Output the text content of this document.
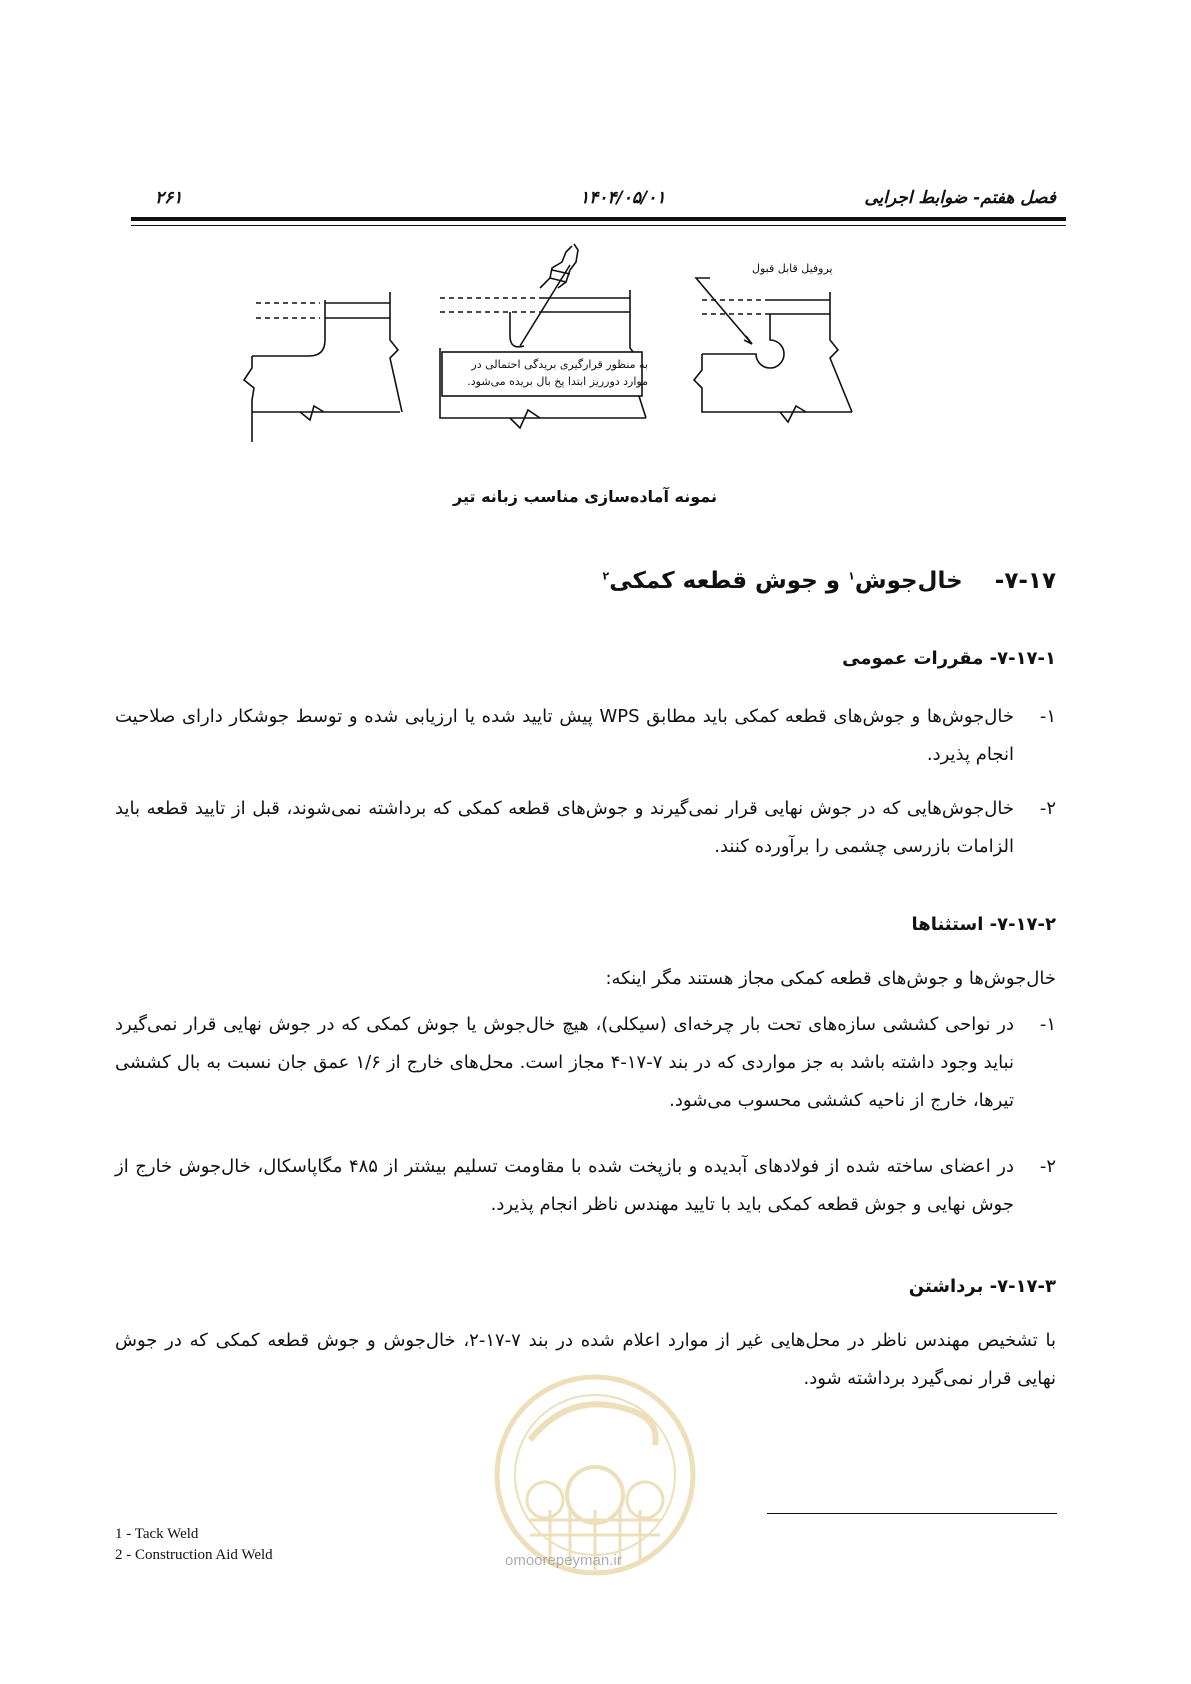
فصل هفتم- ضوابط اجرایی
۱۴۰۴/۰۵/۰۱
۲۶۱
پروفیل قابل قبول
به منظور قرارگیری بریدگی احتمالی در
موارد دورریز ابتدا پخ بال بریده می‌شود.
نمونه آماده‌سازی مناسب زبانه تیر
۷-۱۷-    خال‌جوش$^۱$ و جوش قطعه کمکی$^۲$
۷-۱۷-۱- مقررات عمومی
۱-
خال‌جوش‌ها و جوش‌های قطعه کمکی باید مطابق WPS پیش تایید شده یا ارزیابی شده و توسط جوشکار دارای صلاحیت انجام پذیرد.
۲-
خال‌جوش‌هایی که در جوش نهایی قرار نمی‌گیرند و جوش‌های قطعه کمکی که برداشته نمی‌شوند، قبل از تایید قطعه باید الزامات بازرسی چشمی را برآورده کنند.
۷-۱۷-۲- استثناها
خال‌جوش‌ها و جوش‌های قطعه کمکی مجاز هستند مگر اینکه:
۱-
در نواحی کششی سازه‌های تحت بار چرخه‌ای (سیکلی)، هیچ خال‌جوش یا جوش کمکی که در جوش نهایی قرار نمی‌گیرد نباید وجود داشته باشد به جز مواردی که در بند ۷-۱۷-۴ مجاز است. محل‌های خارج از ۱/۶ عمق جان نسبت به بال کششی تیرها، خارج از ناحیه کششی محسوب می‌شود.
۲-
در اعضای ساخته شده از فولادهای آبدیده و بازپخت شده با مقاومت تسلیم بیشتر از ۴۸۵ مگاپاسکال، خال‌جوش خارج از جوش نهایی و جوش قطعه کمکی باید با تایید مهندس ناظر انجام پذیرد.
۷-۱۷-۳- برداشتن
با تشخیص مهندس ناظر در محل‌هایی غیر از موارد اعلام شده در بند ۷-۱۷-۲، خال‌جوش و جوش قطعه کمکی که در جوش نهایی قرار نمی‌گیرد برداشته شود.
omoorepeyman.ir
1 - Tack Weld
2 - Construction Aid Weld
